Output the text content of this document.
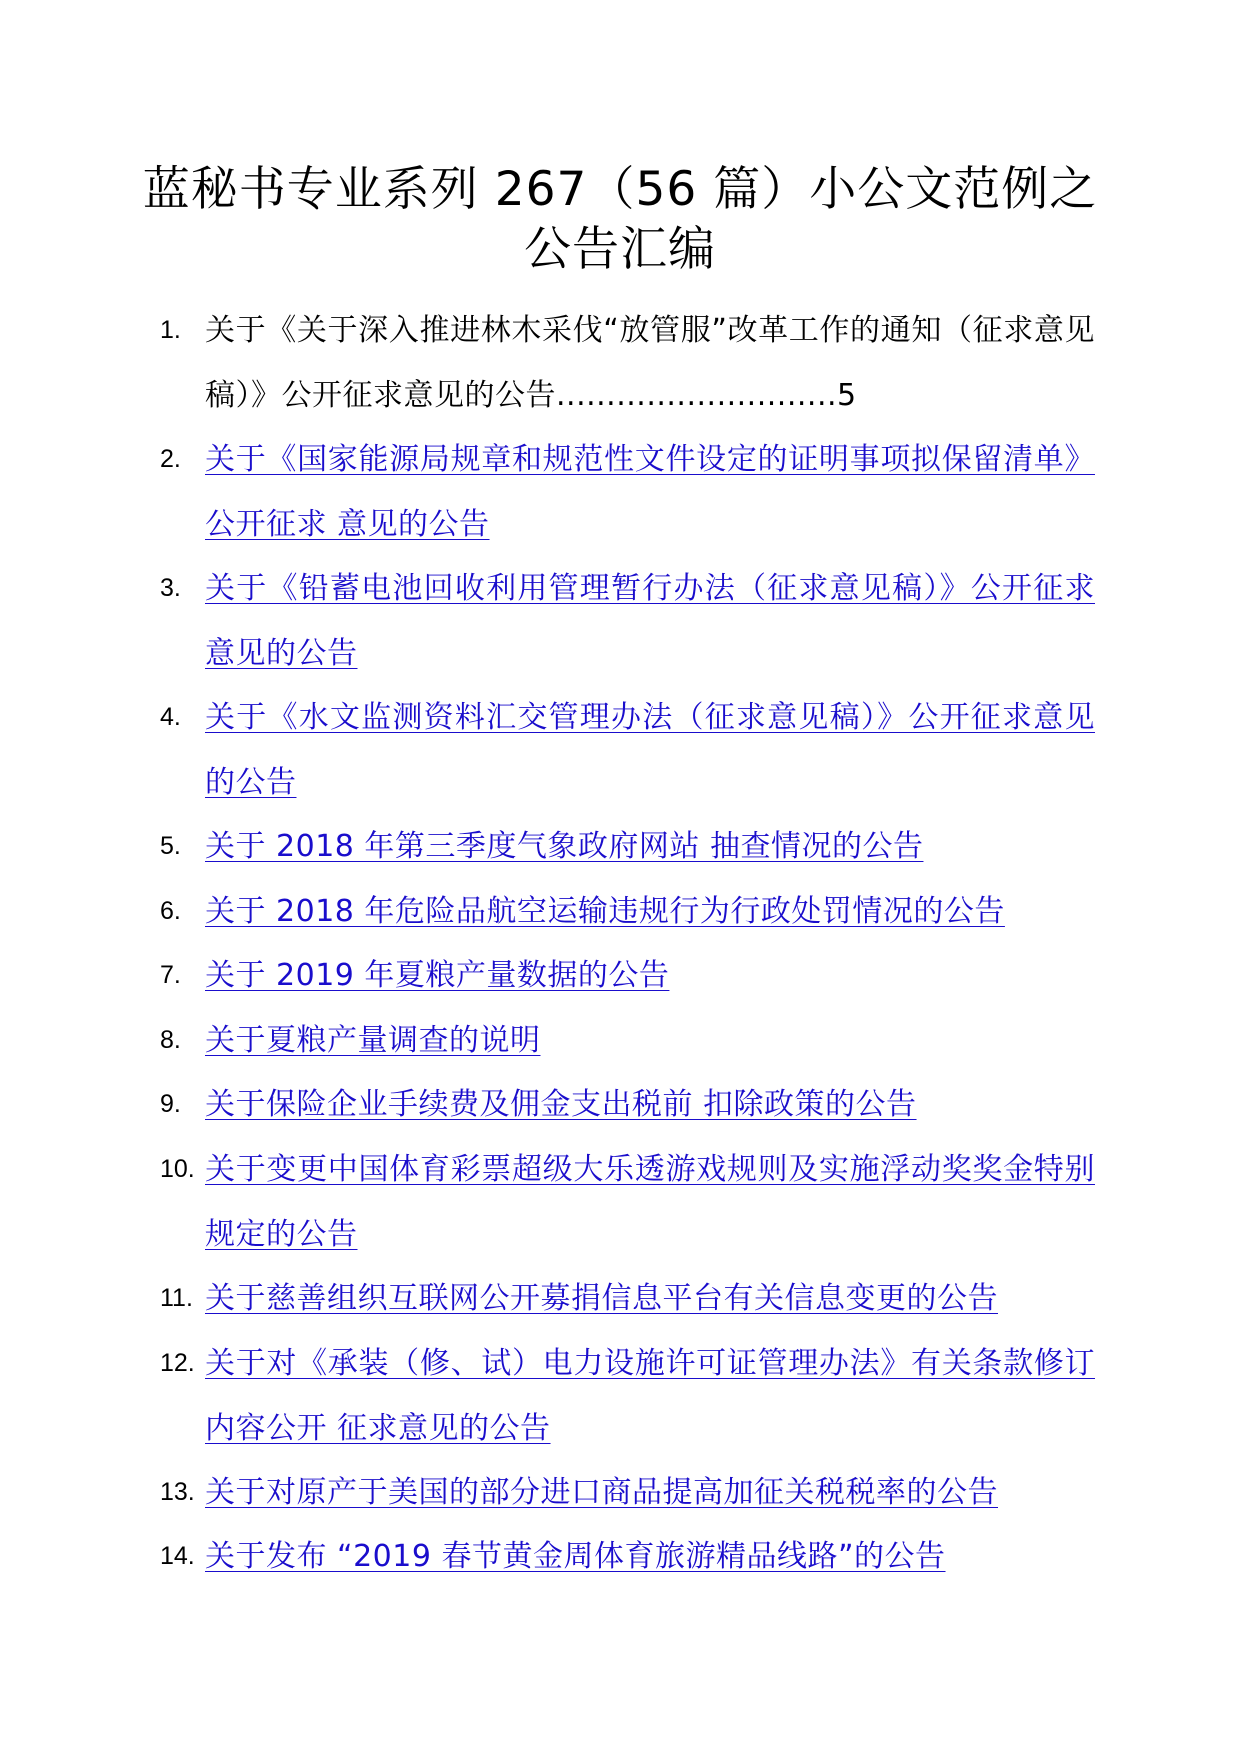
蓝秘书专业系列 267（56 篇）小公文范例之公告汇编
1. 关于《关于深入推进林木采伐“放管服”改革工作的通知（征求意见稿）》公开征求意见的公告............................5
2. 关于《国家能源局规章和规范性文件设定的证明事项拟保留清单》公开征求 意见的公告
3. 关于《铅蓄电池回收利用管理暂行办法（征求意见稿）》公开征求意见的公告
4. 关于《水文监测资料汇交管理办法（征求意见稿）》公开征求意见的公告
5. 关于 2018 年第三季度气象政府网站 抽查情况的公告
6. 关于 2018 年危险品航空运输违规行为行政处罚情况的公告
7. 关于 2019 年夏粮产量数据的公告
8. 关于夏粮产量调查的说明
9. 关于保险企业手续费及佣金支出税前 扣除政策的公告
10. 关于变更中国体育彩票超级大乐透游戏规则及实施浮动奖奖金特别规定的公告
11. 关于慈善组织互联网公开募捐信息平台有关信息变更的公告
12. 关于对《承装（修、试）电力设施许可证管理办法》有关条款修订内容公开 征求意见的公告
13. 关于对原产于美国的部分进口商品提高加征关税税率的公告
14. 关于发布 “2019 春节黄金周体育旅游精品线路”的公告
